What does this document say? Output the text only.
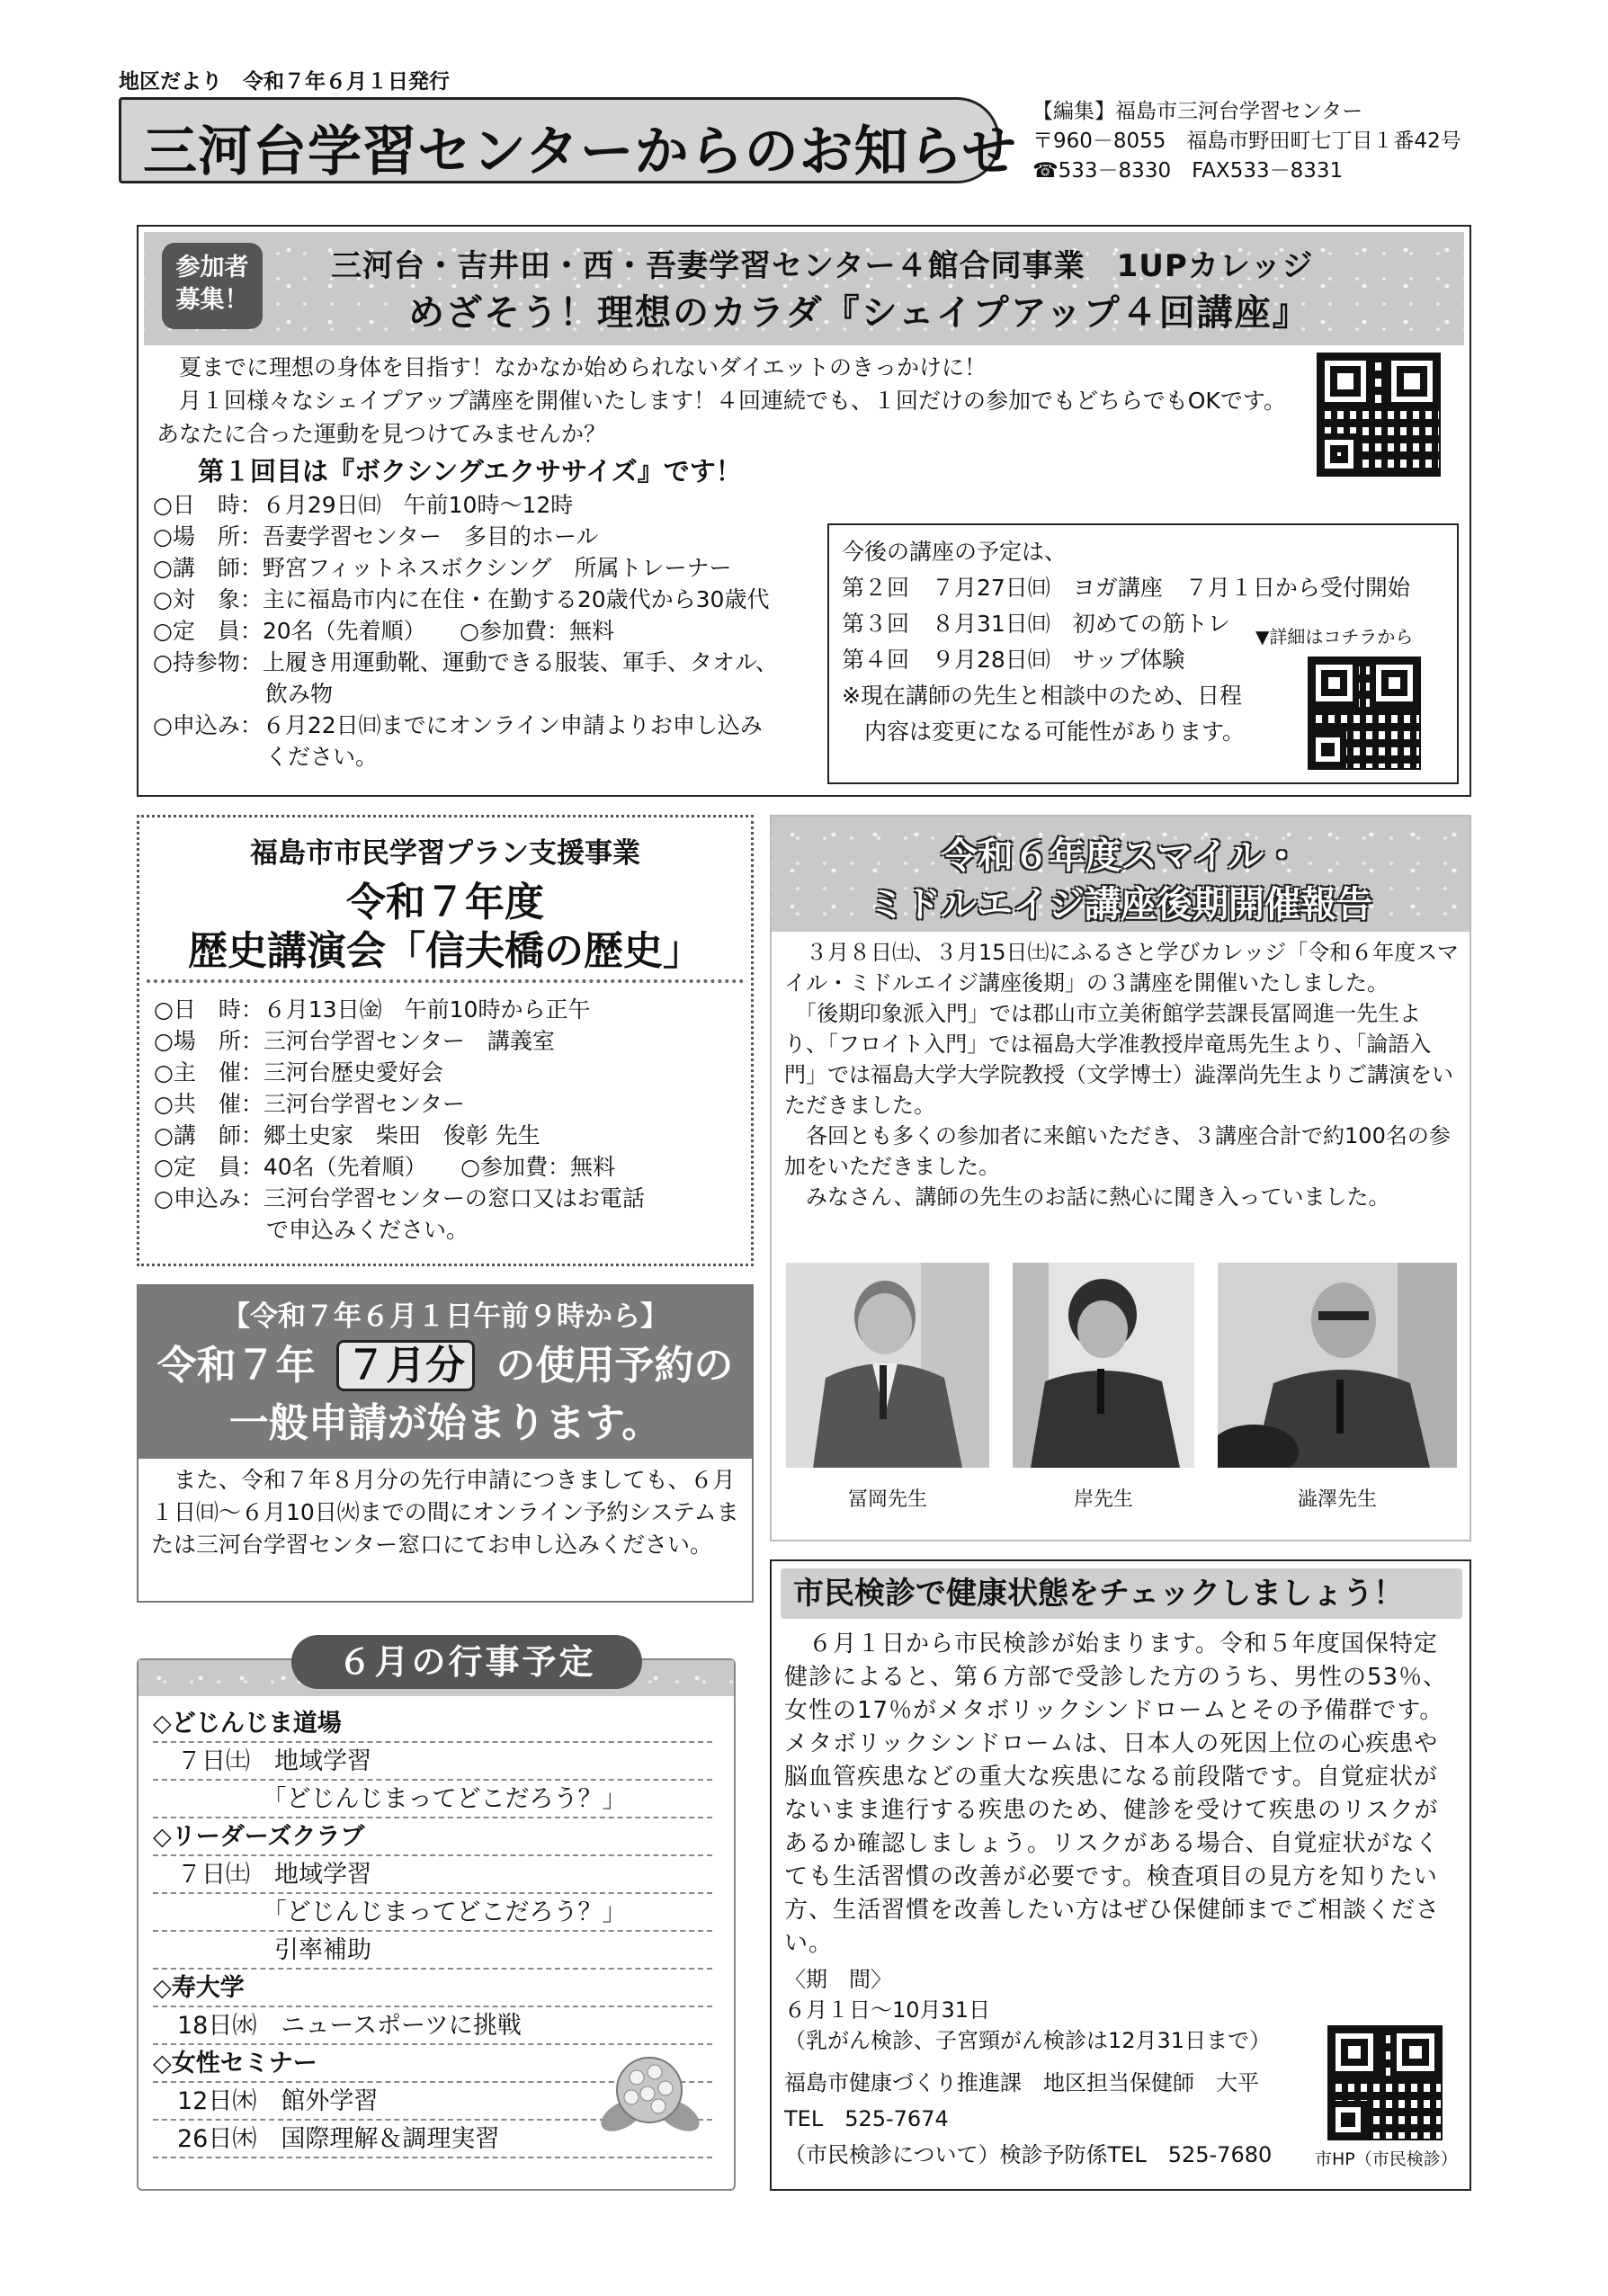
地区だより　令和７年６月１日発行
三河台学習センターからのお知らせ
【編集】福島市三河台学習センター
〒960－8055　福島市野田町七丁目１番42号
☎533－8330　FAX533－8331
参加者
募集！
三河台・吉井田・西・吾妻学習センター４館合同事業　1UPカレッジ
めざそう！理想のカラダ『シェイプアップ４回講座』
　夏までに理想の身体を目指す！なかなか始められないダイエットのきっかけに！
　月１回様々なシェイプアップ講座を開催いたします！４回連続でも、１回だけの参加でもどちらでもOKです。あなたに合った運動を見つけてみませんか？
第１回目は『ボクシングエクササイズ』です！
○日　時：６月29日㈰　午前10時～12時
○場　所：吾妻学習センター　多目的ホール
○講　師：野宮フィットネスボクシング　所属トレーナー
○対　象：主に福島市内に在住・在勤する20歳代から30歳代
○定　員：20名（先着順）　　○参加費：無料
○持参物：上履き用運動靴、運動できる服装、軍手、タオル、
　　　　　飲み物
○申込み：６月22日㈰までにオンライン申請よりお申し込み
　　　　　ください。
今後の講座の予定は、
第２回　７月27日㈰　ヨガ講座　７月１日から受付開始
第３回　８月31日㈰　初めての筋トレ
第４回　９月28日㈰　サップ体験
※現在講師の先生と相談中のため、日程
　内容は変更になる可能性があります。
▼詳細はコチラから
福島市市民学習プラン支援事業
令和７年度
歴史講演会「信夫橋の歴史」
○日　時：６月13日㈮　午前10時から正午
○場　所：三河台学習センター　講義室
○主　催：三河台歴史愛好会
○共　催：三河台学習センター
○講　師：郷土史家　柴田　俊彰 先生
○定　員：40名（先着順）　　○参加費：無料
○申込み：三河台学習センターの窓口又はお電話
　　　　　で申込みください。
令和６年度スマイル・
ミドルエイジ講座後期開催報告
　３月８日㈯、３月15日㈯にふるさと学びカレッジ「令和６年度スマイル・ミドルエイジ講座後期」の３講座を開催いたしました。
　「後期印象派入門」では郡山市立美術館学芸課長冨岡進一先生より、「フロイト入門」では福島大学准教授岸竜馬先生より、「論語入門」では福島大学大学院教授（文学博士）澁澤尚先生よりご講演をいただきました。
　各回とも多くの参加者に来館いただき、３講座合計で約100名の参加をいただきました。
　みなさん、講師の先生のお話に熱心に聞き入っていました。
冨岡先生	岸先生	澁澤先生
【令和７年６月１日午前９時から】
令和７年 ７月分 の使用予約の
一般申請が始まります。
　また、令和７年８月分の先行申請につきましても、６月１日㈰～６月10日㈫までの間にオンライン予約システムまたは三河台学習センター窓口にてお申し込みください。
６月の行事予定
◇どじんじま道場
　７日㈯　地域学習
　　　　　「どじんじまってどこだろう？」
◇リーダーズクラブ
　７日㈯　地域学習
　　　　　「どじんじまってどこだろう？」
　　　　　引率補助
◇寿大学
　18日㈬　ニュースポーツに挑戦
◇女性セミナー
　12日㈭　館外学習
　26日㈭　国際理解＆調理実習
市民検診で健康状態をチェックしましょう！
　６月１日から市民検診が始まります。令和５年度国保特定健診によると、第６方部で受診した方のうち、男性の53％、女性の17％がメタボリックシンドロームとその予備群です。メタボリックシンドロームは、日本人の死因上位の心疾患や脳血管疾患などの重大な疾患になる前段階です。自覚症状がないまま進行する疾患のため、健診を受けて疾患のリスクがあるか確認しましょう。リスクがある場合、自覚症状がなくても生活習慣の改善が必要です。検査項目の見方を知りたい方、生活習慣を改善したい方はぜひ保健師までご相談ください。
〈期　間〉
６月１日～10月31日
（乳がん検診、子宮頸がん検診は12月31日まで）
福島市健康づくり推進課　地区担当保健師　大平
TEL　525-7674
（市民検診について）検診予防係TEL　525-7680	市HP（市民検診）
